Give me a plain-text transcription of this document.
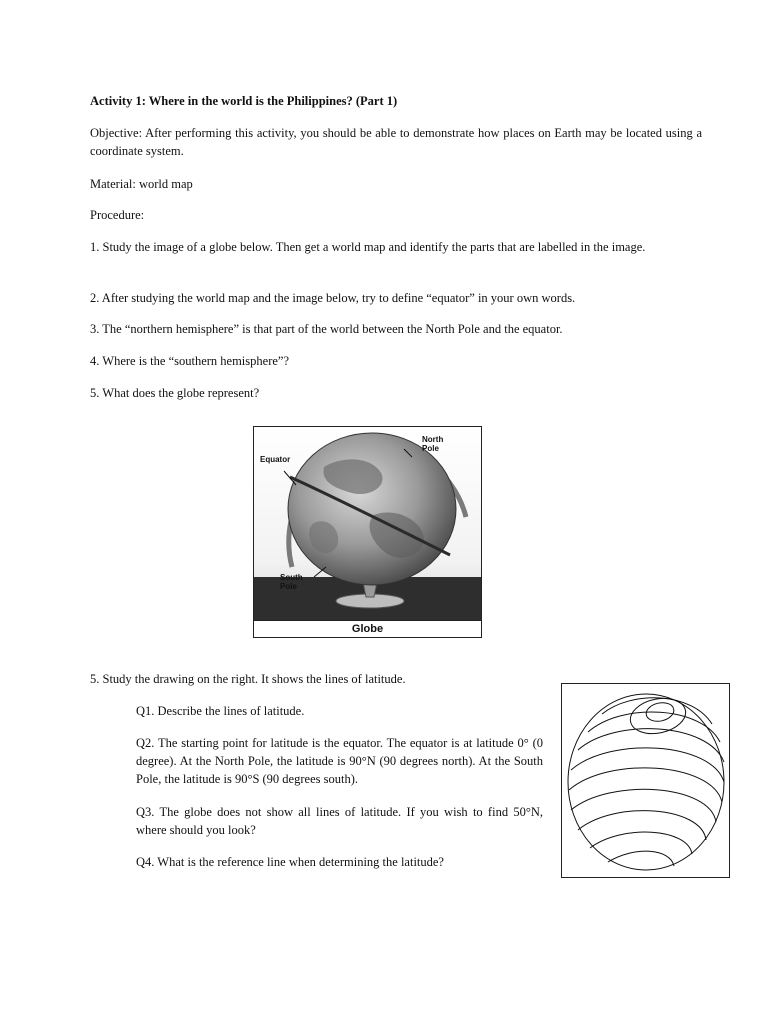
Activity 1: Where in the world is the Philippines? (Part 1)

Objective: After performing this activity, you should be able to demonstrate how places on Earth may be located using a coordinate system.

Material: world map

Procedure:

1. Study the image of a globe below. Then get a world map and identify the parts that are labelled in the image.

2. After studying the world map and the image below, try to define “equator” in your own words.

3. The “northern hemisphere” is that part of the world between the North Pole and the equator.

4. Where is the “southern hemisphere”?

5. What does the globe represent?

North Pole
Equator
South Pole
Globe

5. Study the drawing on the right. It shows the lines of latitude.

Q1. Describe the lines of latitude.

Q2. The starting point for latitude is the equator. The equator is at latitude 0° (0 degree). At the North Pole, the latitude is 90°N (90 degrees north). At the South Pole, the latitude is 90°S (90 degrees south).

Q3. The globe does not show all lines of latitude. If you wish to find 50°N, where should you look?

Q4. What is the reference line when determining the latitude?
